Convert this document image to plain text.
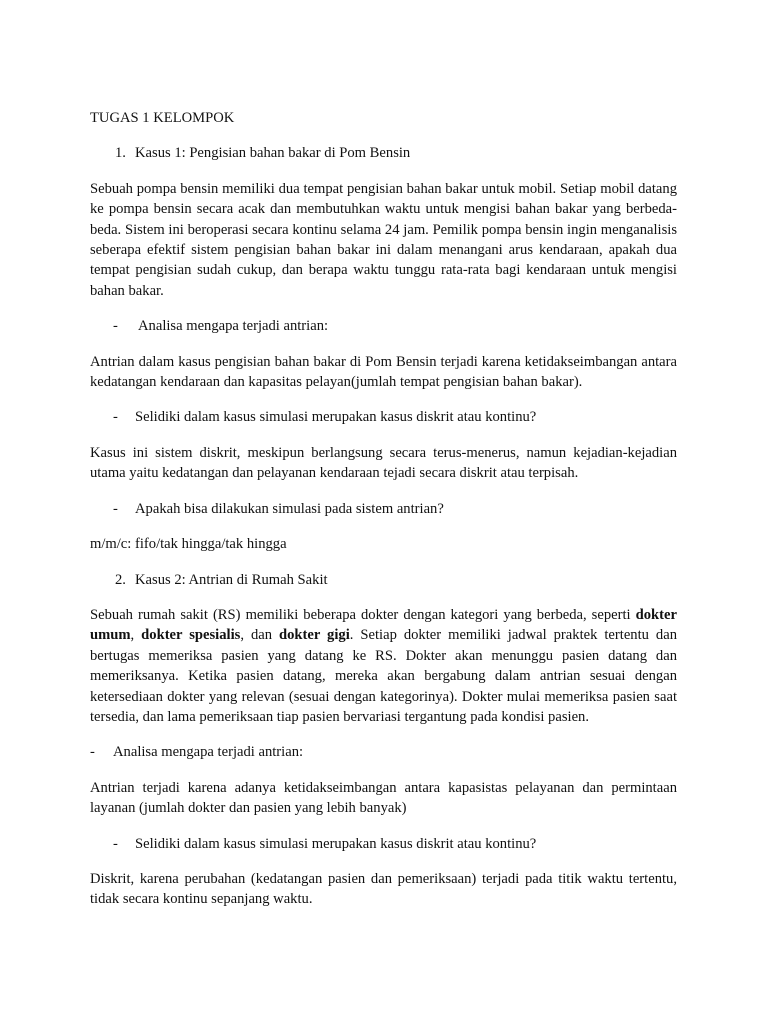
TUGAS 1 KELOMPOK

1. Kasus 1: Pengisian bahan bakar di Pom Bensin

Sebuah pompa bensin memiliki dua tempat pengisian bahan bakar untuk mobil. Setiap mobil datang ke pompa bensin secara acak dan membutuhkan waktu untuk mengisi bahan bakar yang berbeda-beda. Sistem ini beroperasi secara kontinu selama 24 jam. Pemilik pompa bensin ingin menganalisis seberapa efektif sistem pengisian bahan bakar ini dalam menangani arus kendaraan, apakah dua tempat pengisian sudah cukup, dan berapa waktu tunggu rata-rata bagi kendaraan untuk mengisi bahan bakar.

-	Analisa mengapa terjadi antrian:

Antrian dalam kasus pengisian bahan bakar di Pom Bensin terjadi karena ketidakseimbangan antara kedatangan kendaraan dan kapasitas pelayan(jumlah tempat pengisian bahan bakar).

-	Selidiki dalam kasus simulasi merupakan kasus diskrit atau kontinu?

Kasus ini sistem diskrit, meskipun berlangsung secara terus-menerus, namun kejadian-kejadian utama yaitu kedatangan dan pelayanan kendaraan tejadi secara diskrit atau terpisah.

-	Apakah bisa dilakukan simulasi pada sistem antrian?

m/m/c: fifo/tak hingga/tak hingga

2. Kasus 2: Antrian di Rumah Sakit

Sebuah rumah sakit (RS) memiliki beberapa dokter dengan kategori yang berbeda, seperti dokter umum, dokter spesialis, dan dokter gigi. Setiap dokter memiliki jadwal praktek tertentu dan bertugas memeriksa pasien yang datang ke RS. Dokter akan menunggu pasien datang dan memeriksanya. Ketika pasien datang, mereka akan bergabung dalam antrian sesuai dengan ketersediaan dokter yang relevan (sesuai dengan kategorinya). Dokter mulai memeriksa pasien saat tersedia, dan lama pemeriksaan tiap pasien bervariasi tergantung pada kondisi pasien.

-	Analisa mengapa terjadi antrian:

Antrian terjadi karena adanya ketidakseimbangan antara kapasistas pelayanan dan permintaan layanan (jumlah dokter dan pasien yang lebih banyak)

-	Selidiki dalam kasus simulasi merupakan kasus diskrit atau kontinu?

Diskrit, karena perubahan (kedatangan pasien dan pemeriksaan) terjadi pada titik waktu tertentu, tidak secara kontinu sepanjang waktu.
